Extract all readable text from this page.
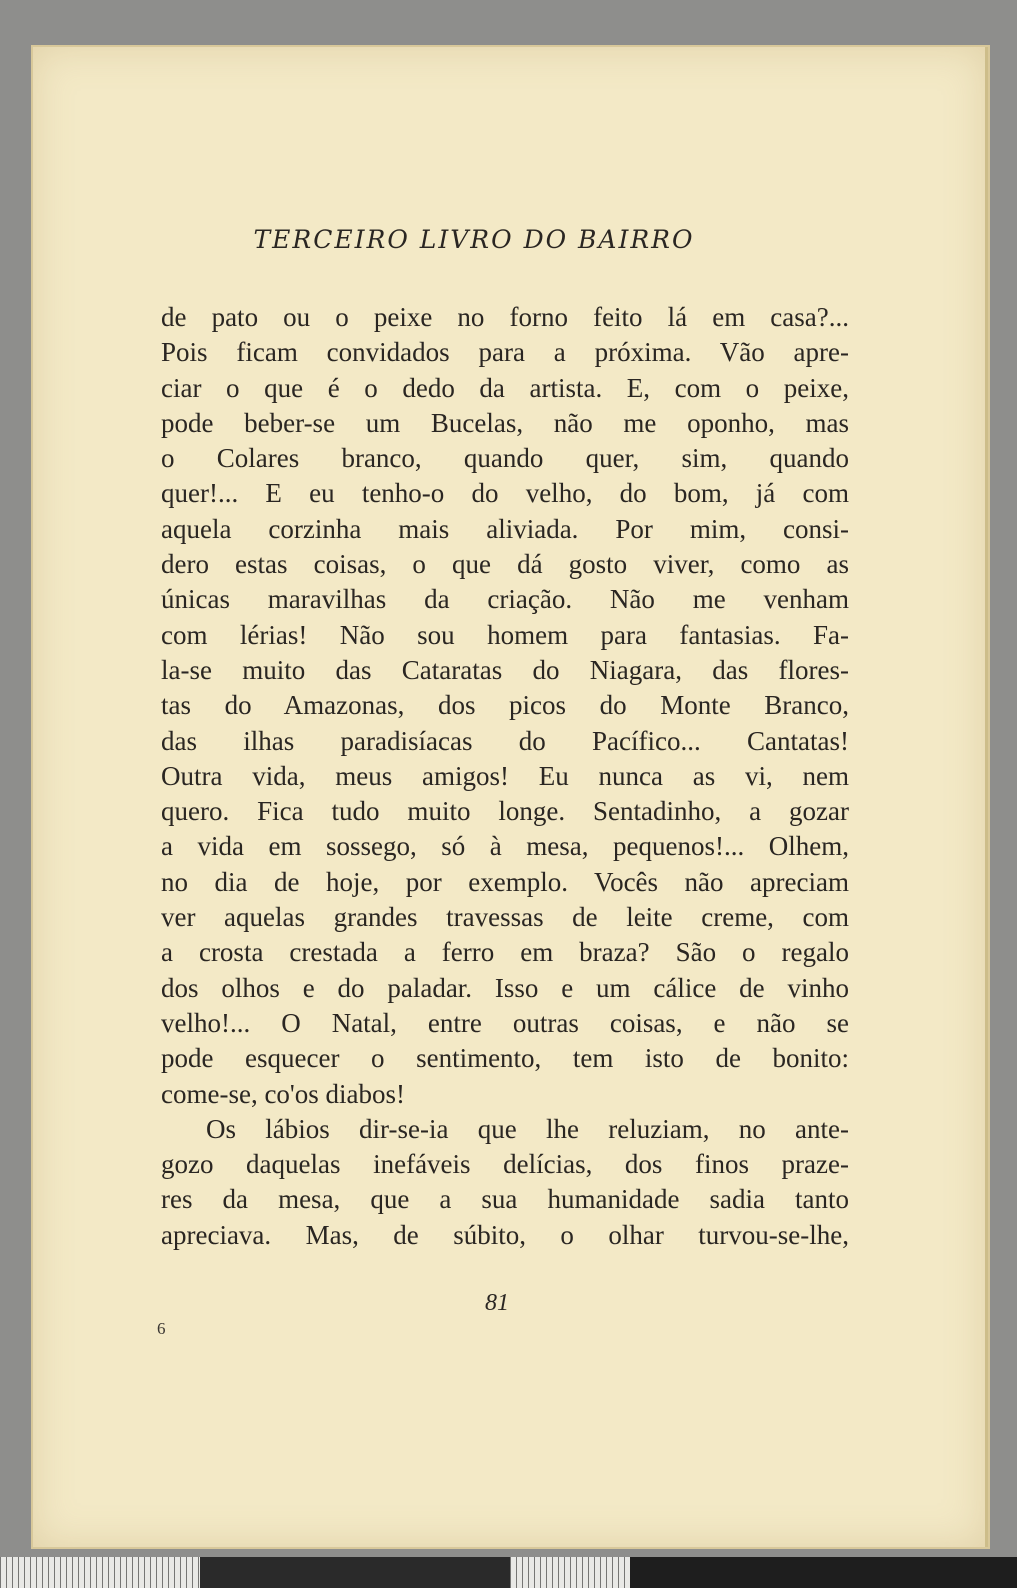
TERCEIRO LIVRO DO BAIRRO
de pato ou o peixe no forno feito lá em casa?...
Pois ficam convidados para a próxima. Vão apre-
ciar o que é o dedo da artista. E, com o peixe,
pode beber-se um Bucelas, não me oponho, mas
o Colares branco, quando quer, sim, quando
quer!... E eu tenho-o do velho, do bom, já com
aquela corzinha mais aliviada. Por mim, consi-
dero estas coisas, o que dá gosto viver, como as
únicas maravilhas da criação. Não me venham
com lérias! Não sou homem para fantasias. Fa-
la-se muito das Cataratas do Niagara, das flores-
tas do Amazonas, dos picos do Monte Branco,
das ilhas paradisíacas do Pacífico... Cantatas!
Outra vida, meus amigos! Eu nunca as vi, nem
quero. Fica tudo muito longe. Sentadinho, a gozar
a vida em sossego, só à mesa, pequenos!... Olhem,
no dia de hoje, por exemplo. Vocês não apreciam
ver aquelas grandes travessas de leite creme, com
a crosta crestada a ferro em braza? São o regalo
dos olhos e do paladar. Isso e um cálice de vinho
velho!... O Natal, entre outras coisas, e não se
pode esquecer o sentimento, tem isto de bonito:
come-se, co'os diabos!
Os lábios dir-se-ia que lhe reluziam, no ante-
gozo daquelas inefáveis delícias, dos finos praze-
res da mesa, que a sua humanidade sadia tanto
apreciava. Mas, de súbito, o olhar turvou-se-lhe,
81
6
